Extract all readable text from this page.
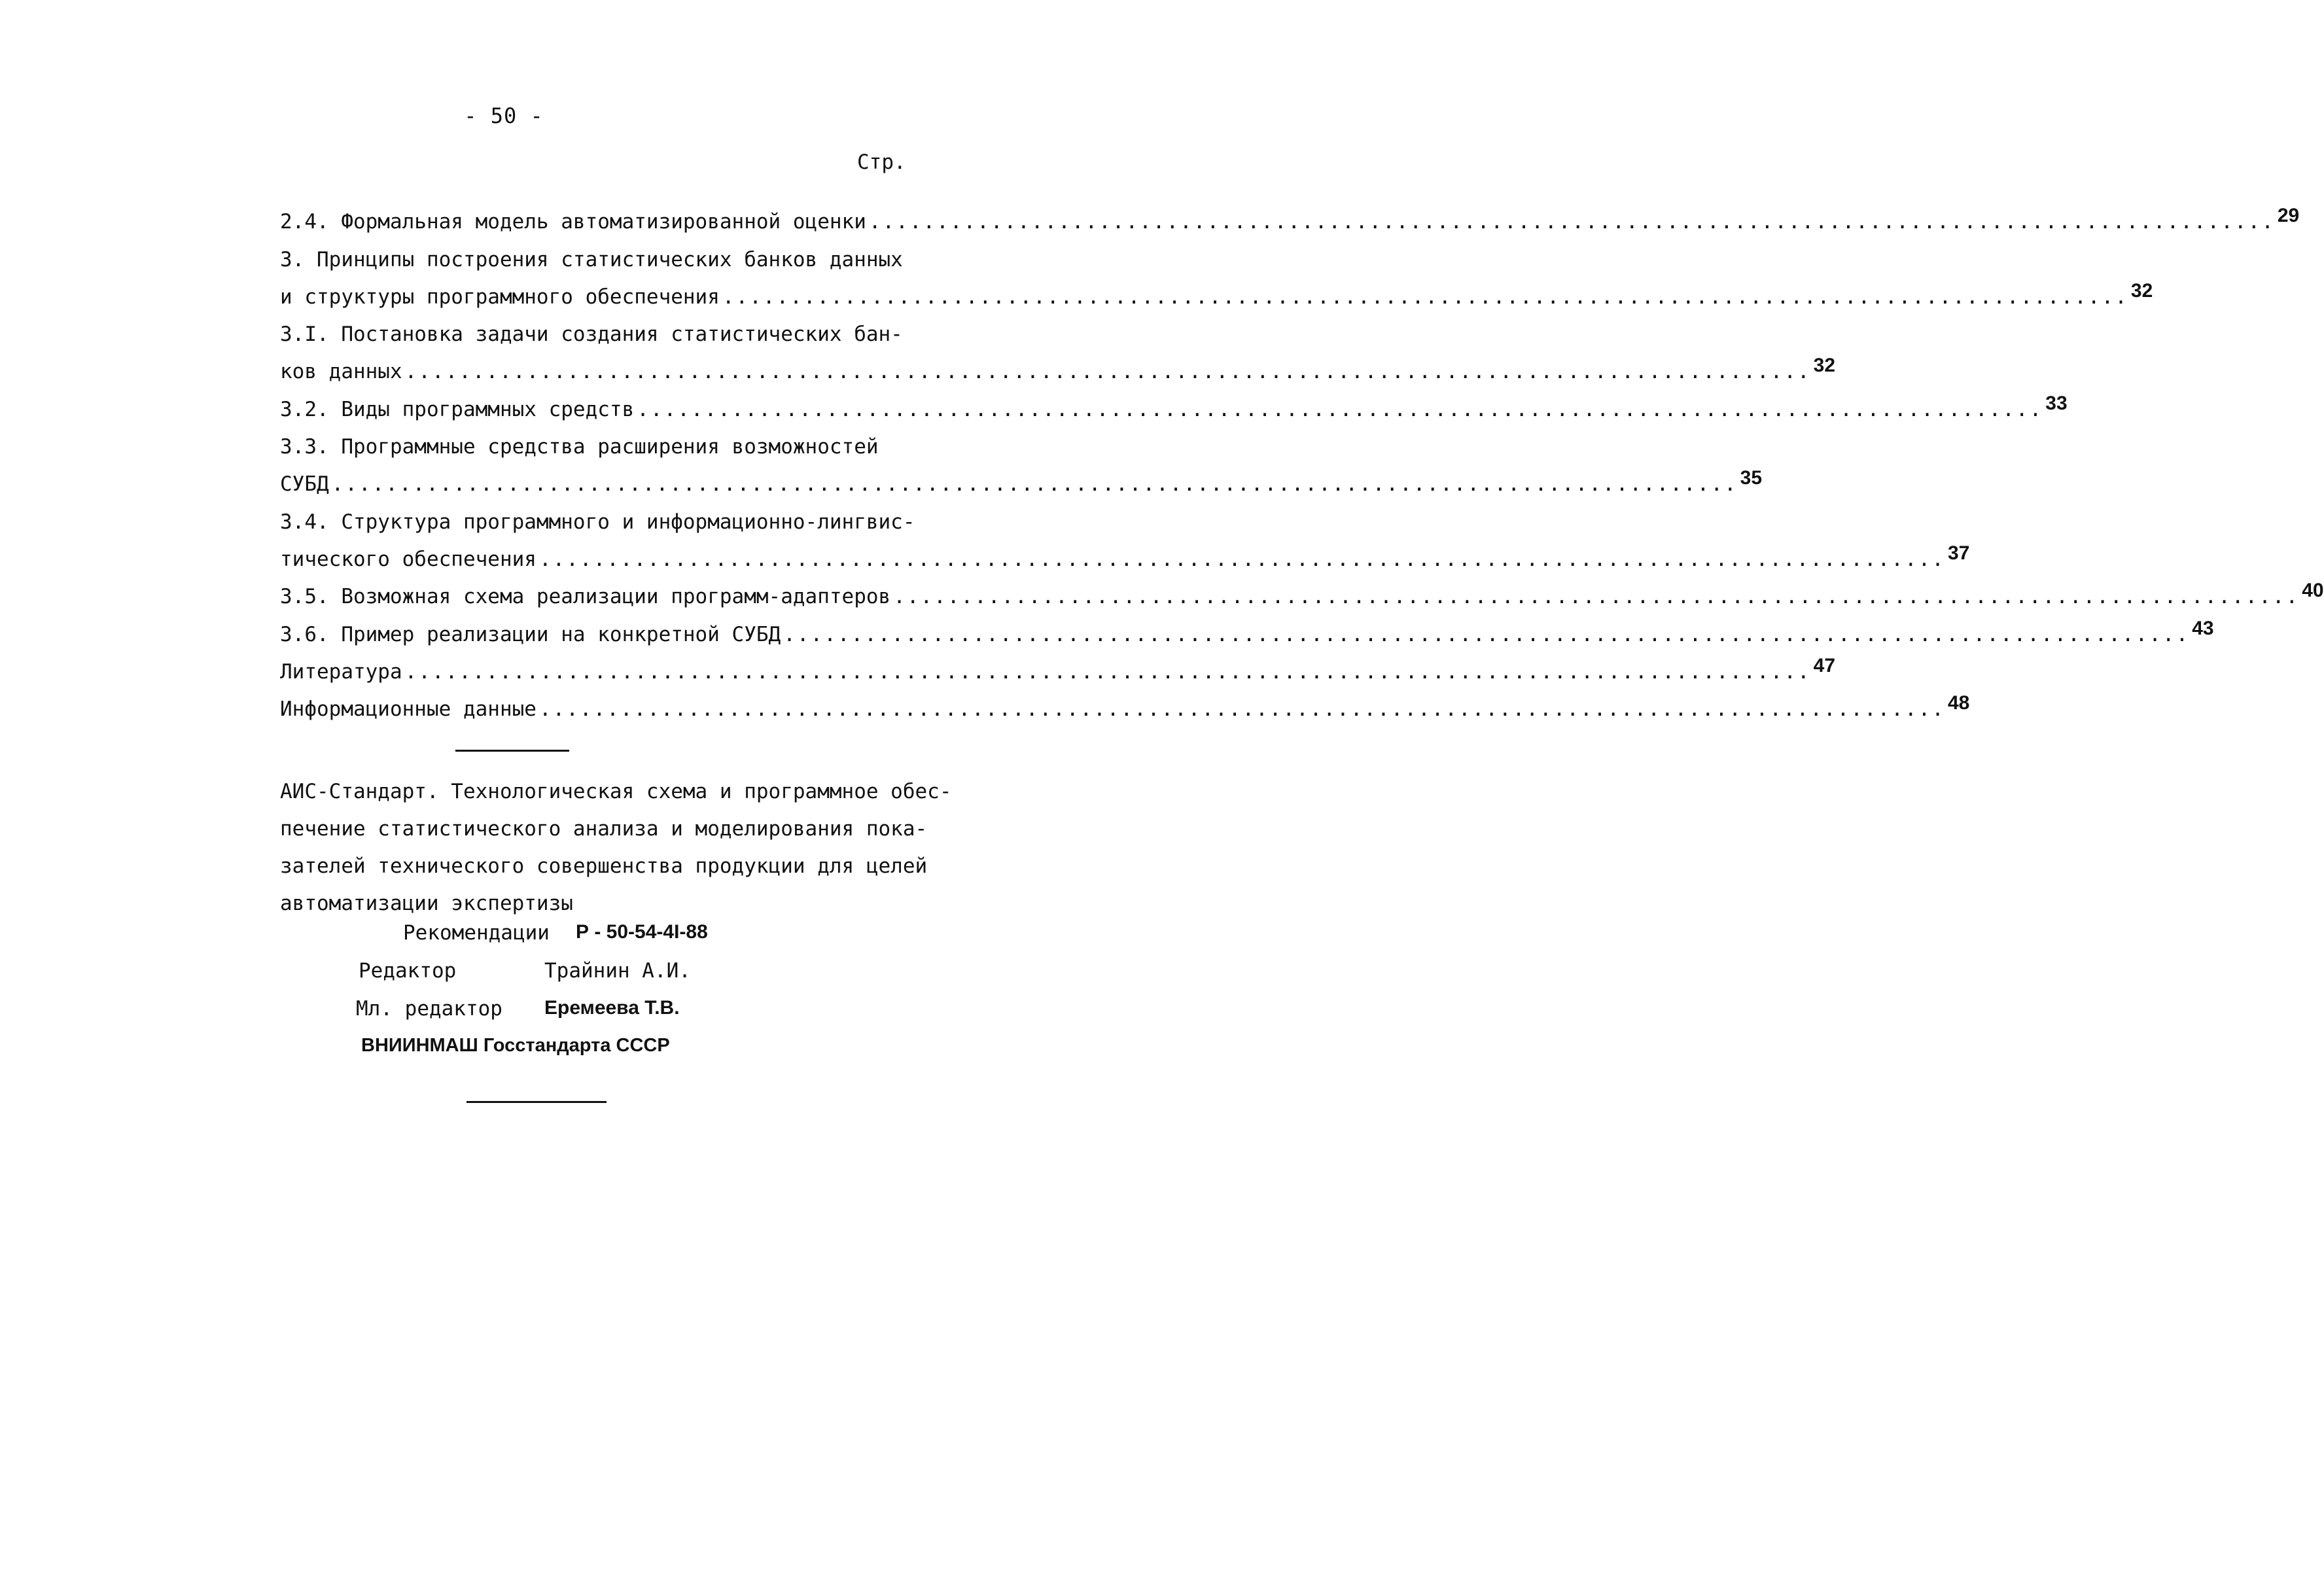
- 50 -
Стр.
2.4. Формальная модель автоматизированной оценки ........................................................................................................ 29
3. Принципы построения статистических банков данных
и структуры программного обеспечения ........................................................................................................ 32
3.I. Постановка задачи создания статистических бан-
ков данных ........................................................................................................ 32
3.2. Виды программных средств ........................................................................................................ 33
3.3. Программные средства расширения возможностей
СУБД ........................................................................................................ 35
3.4. Структура программного и информационно-лингвис-
тического обеспечения ........................................................................................................ 37
3.5. Возможная схема реализации программ-адаптеров ........................................................................................................ 40
3.6. Пример реализации на конкретной СУБД ........................................................................................................ 43
Литература ........................................................................................................ 47
Информационные данные ........................................................................................................ 48
АИС-Стандарт. Технологическая схема и программное обес-
печение статистического анализа и моделирования пока-
зателей технического совершенства продукции для целей
автоматизации экспертизы
Рекомендации Р - 50-54-4I-88
Редактор	Трайнин А.И.
Мл. редактор Еремеева Т.В.
ВНИИНМАШ Госстандарта СССР
